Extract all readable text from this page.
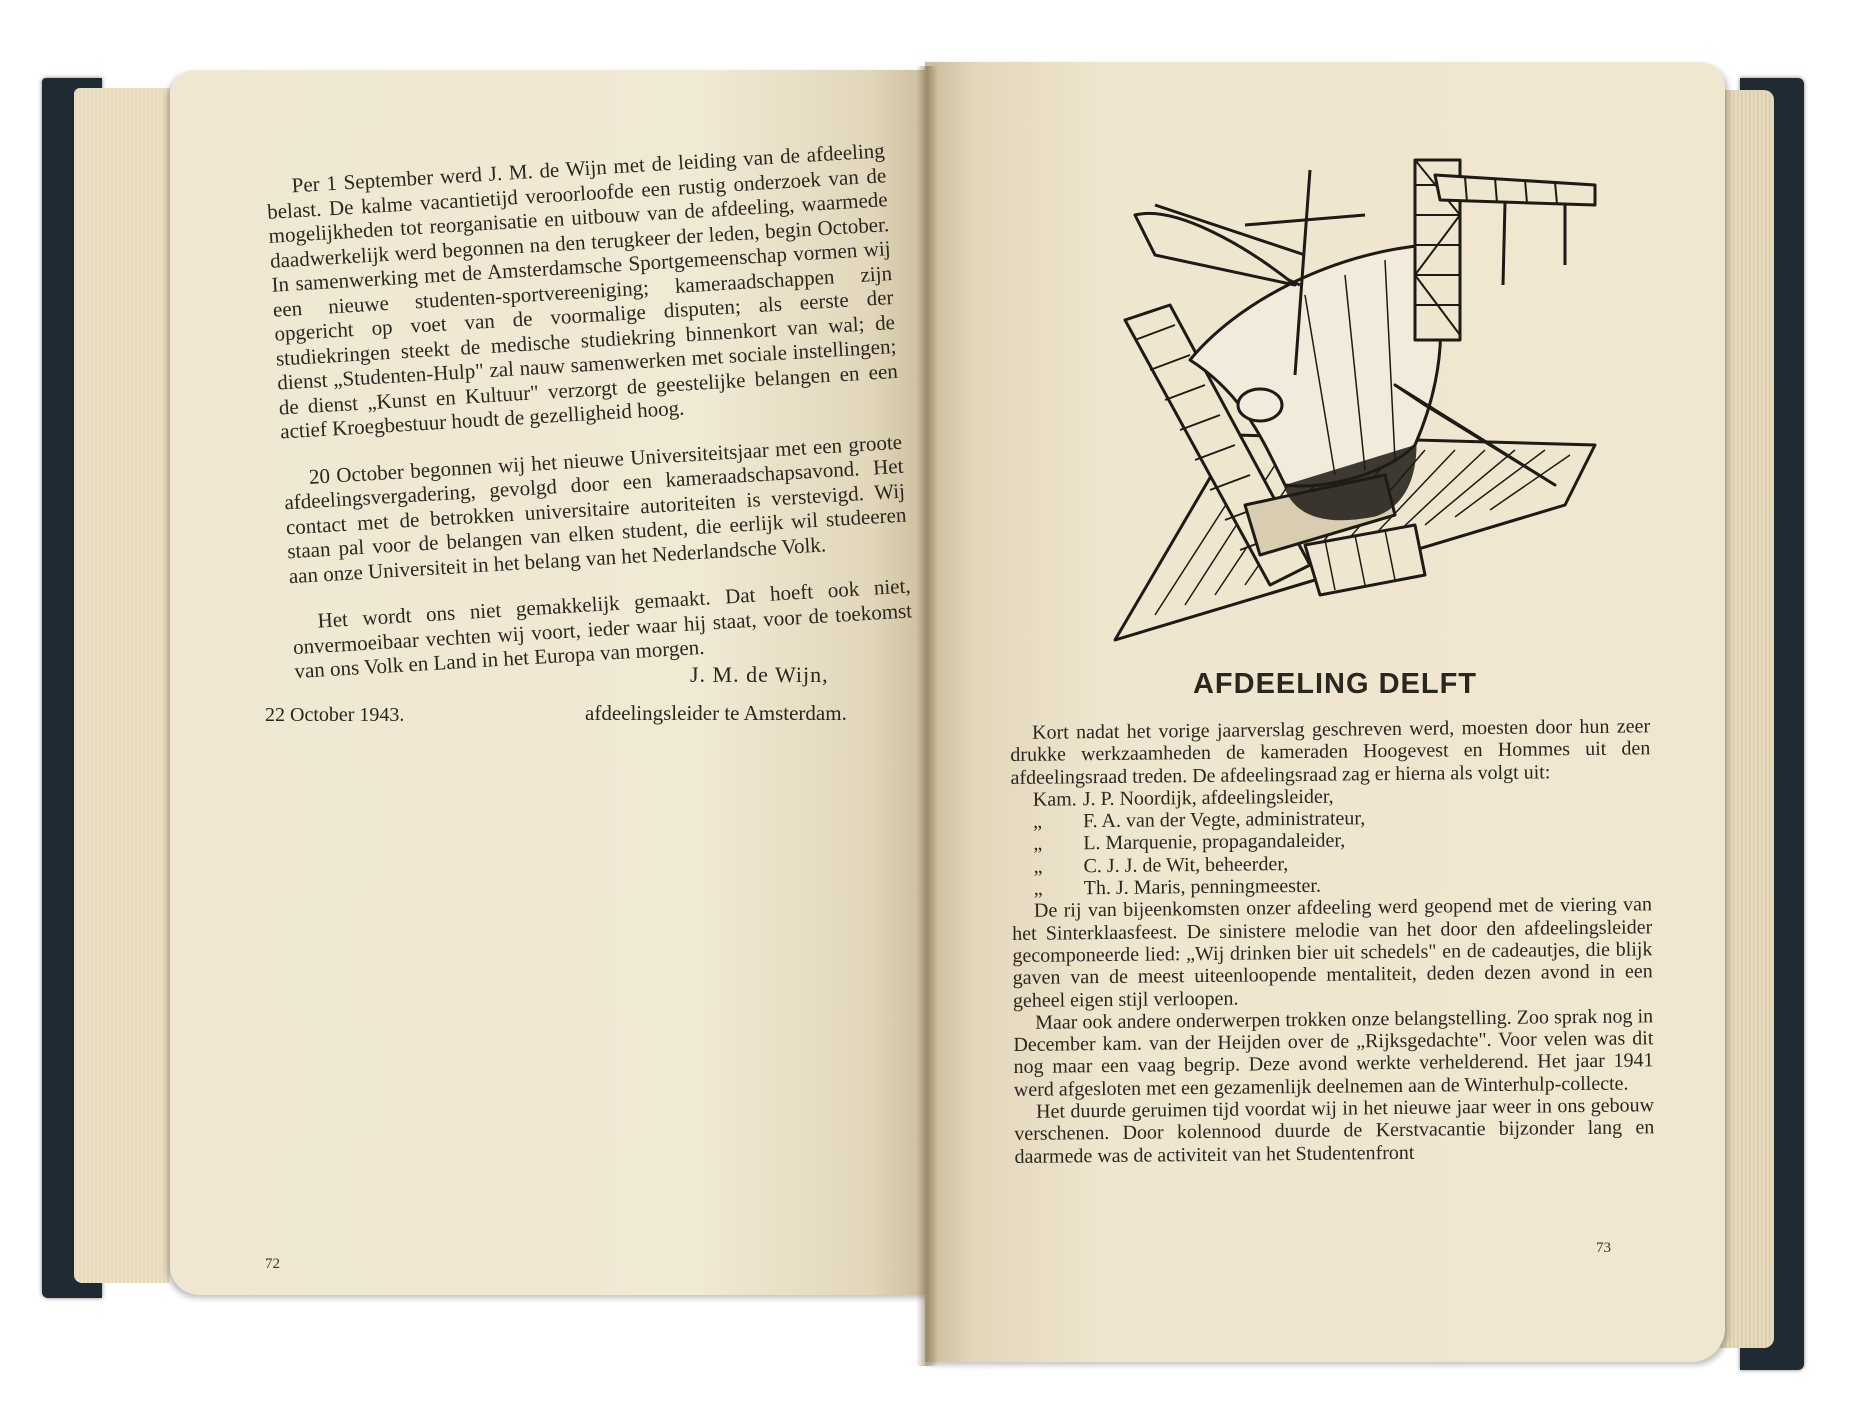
Per 1 September werd J. M. de Wijn met de leiding van de afdeeling belast. De kalme vacantietijd veroorloofde een rustig onderzoek van de mogelijkheden tot reorganisatie en uitbouw van de afdeeling, waarmede daadwerkelijk werd begonnen na den terugkeer der leden, begin October. In samenwerking met de Amsterdamsche Sportgemeenschap vormen wij een nieuwe studenten-sportvereeniging; kameraadschappen zijn opgericht op voet van de voormalige disputen; als eerste der studiekringen steekt de medische studiekring binnenkort van wal; de dienst „Studenten-Hulp" zal nauw samenwerken met sociale instellingen; de dienst „Kunst en Kultuur" verzorgt de geestelijke belangen en een actief Kroegbestuur houdt de gezelligheid hoog.

20 October begonnen wij het nieuwe Universiteitsjaar met een groote afdeelingsvergadering, gevolgd door een kameraadschapsavond. Het contact met de betrokken universitaire autoriteiten is verstevigd. Wij staan pal voor de belangen van elken student, die eerlijk wil studeeren aan onze Universiteit in het belang van het Nederlandsche Volk.

Het wordt ons niet gemakkelijk gemaakt. Dat hoeft ook niet, onvermoeibaar vechten wij voort, ieder waar hij staat, voor de toekomst van ons Volk en Land in het Europa van morgen.

J. M. de Wijn,
22 October 1943.	afdeelingsleider te Amsterdam.
72
AFDEELING DELFT

Kort nadat het vorige jaarverslag geschreven werd, moesten door hun zeer drukke werkzaamheden de kameraden Hoogevest en Hommes uit den afdeelingsraad treden. De afdeelingsraad zag er hierna als volgt uit:

Kam. J. P. Noordijk, afdeelingsleider,
„	F. A. van der Vegte, administrateur,
„	L. Marquenie, propagandaleider,
„	C. J. J. de Wit, beheerder,
„	Th. J. Maris, penningmeester.

De rij van bijeenkomsten onzer afdeeling werd geopend met de viering van het Sinterklaasfeest. De sinistere melodie van het door den afdeelingsleider gecomponeerde lied: „Wij drinken bier uit schedels" en de cadeautjes, die blijk gaven van de meest uiteenloopende mentaliteit, deden dezen avond in een geheel eigen stijl verloopen.

Maar ook andere onderwerpen trokken onze belangstelling. Zoo sprak nog in December kam. van der Heijden over de „Rijksgedachte". Voor velen was dit nog maar een vaag begrip. Deze avond werkte verhelderend. Het jaar 1941 werd afgesloten met een gezamenlijk deelnemen aan de Winterhulp-collecte.

Het duurde geruimen tijd voordat wij in het nieuwe jaar weer in ons gebouw verschenen. Door kolennood duurde de Kerstvacantie bijzonder lang en daarmede was de activiteit van het Studentenfront

73
